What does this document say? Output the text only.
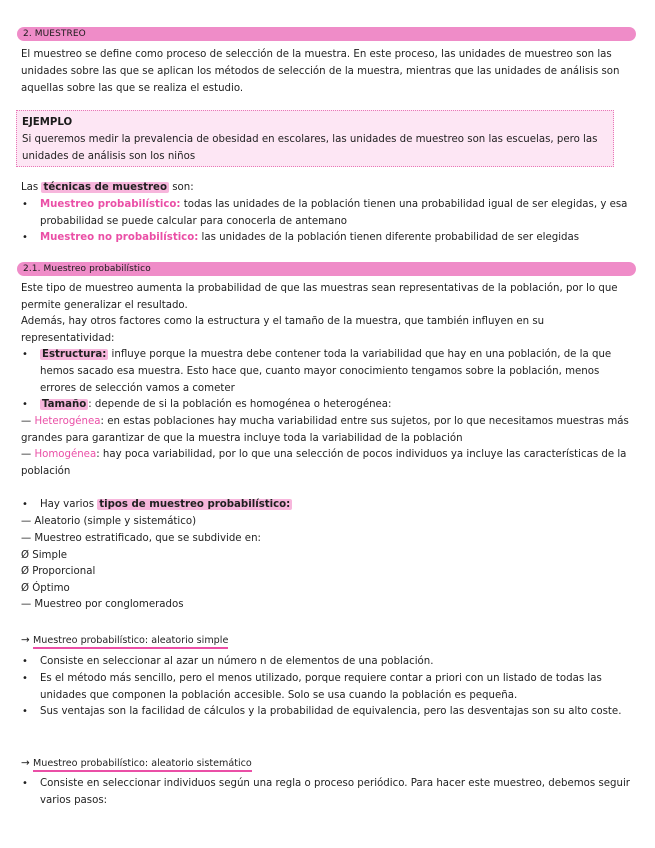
2. MUESTREO
El muestreo se define como proceso de selección de la muestra. En este proceso, las unidades de muestreo son las unidades sobre las que se aplican los métodos de selección de la muestra, mientras que las unidades de análisis son aquellas sobre las que se realiza el estudio.
EJEMPLO
Si queremos medir la prevalencia de obesidad en escolares, las unidades de muestreo son las escuelas, pero las unidades de análisis son los niños
Las técnicas de muestreo son:
• Muestreo probabilístico: todas las unidades de la población tienen una probabilidad igual de ser elegidas, y esa probabilidad se puede calcular para conocerla de antemano
• Muestreo no probabilístico: las unidades de la población tienen diferente probabilidad de ser elegidas
2.1. Muestreo probabilístico
Este tipo de muestreo aumenta la probabilidad de que las muestras sean representativas de la población, por lo que permite generalizar el resultado.
Además, hay otros factores como la estructura y el tamaño de la muestra, que también influyen en su representatividad:
• Estructura: influye porque la muestra debe contener toda la variabilidad que hay en una población, de la que hemos sacado esa muestra. Esto hace que, cuanto mayor conocimiento tengamos sobre la población, menos errores de selección vamos a cometer
• Tamaño : depende de si la población es homogénea o heterogénea:
— Heterogénea: en estas poblaciones hay mucha variabilidad entre sus sujetos, por lo que necesitamos muestras más grandes para garantizar de que la muestra incluye toda la variabilidad de la población
— Homogénea: hay poca variabilidad, por lo que una selección de pocos individuos ya incluye las características de la población
• Hay varios tipos de muestreo probabilístico:
— Aleatorio (simple y sistemático)
— Muestreo estratificado, que se subdivide en:
Ø Simple
Ø Proporcional
Ø Óptimo
— Muestreo por conglomerados
→ Muestreo probabilístico: aleatorio simple
• Consiste en seleccionar al azar un número n de elementos de una población.
• Es el método más sencillo, pero el menos utilizado, porque requiere contar a priori con un listado de todas las unidades que componen la población accesible. Solo se usa cuando la población es pequeña.
• Sus ventajas son la facilidad de cálculos y la probabilidad de equivalencia, pero las desventajas son su alto coste.
→ Muestreo probabilístico: aleatorio sistemático
• Consiste en seleccionar individuos según una regla o proceso periódico. Para hacer este muestreo, debemos seguir varios pasos:
